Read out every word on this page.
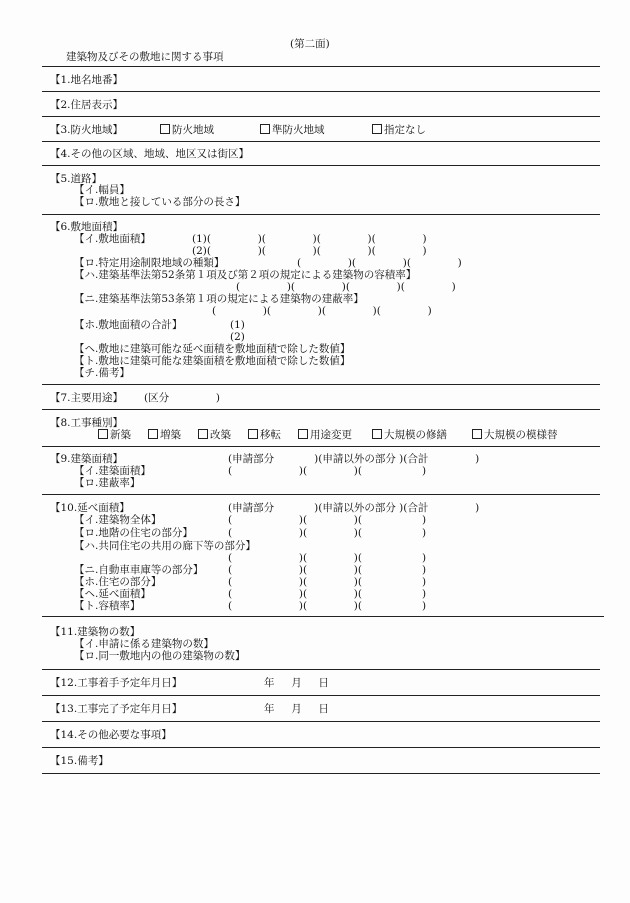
(第二面)
建築物及びその敷地に関する事項
【1.地名地番】
【2.住居表示】
【3.防火地域】	防火地域	準防火地域	指定なし
【4.その他の区域、地域、地区又は街区】
【5.道路】
【イ.幅員】
【ロ.敷地と接している部分の長さ】
【6.敷地面積】
【イ.敷地面積】	(1)(              )(              )(              )(              )
(2)(              )(              )(              )(              )
【ロ.特定用途制限地域の種類】	(              )(              )(              )
【ハ.建築基準法第52条第１項及び第２項の規定による建築物の容積率】
(              )(              )(              )(              )
【ニ.建築基準法第53条第１項の規定による建築物の建蔽率】
(              )(              )(              )(              )
【ホ.敷地面積の合計】	(1)
(2)
【ヘ.敷地に建築可能な延べ面積を敷地面積で除した数値】
【ト.敷地に建築可能な建築面積を敷地面積で除した数値】
【チ.備考】
【7.主要用途】 (区分              )
【8.工事種別】
新築	増築	改築	移転	用途変更	大規模の修繕	大規模の模様替
【9.建築面積】	(申請部分            )(申請以外の部分 )(合計              )
【イ.建築面積】	(                    )(              )(                  )
【ロ.建蔽率】
【10.延べ面積】	(申請部分            )(申請以外の部分 )(合計              )
【イ.建築物全体】	(                    )(              )(                  )
【ロ.地階の住宅の部分】	(                    )(              )(                  )
【ハ.共同住宅の共用の廊下等の部分】
(                    )(              )(                  )
【ニ.自動車車庫等の部分】 (                    )(              )(                  )
【ホ.住宅の部分】	(                    )(              )(                  )
【ヘ.延べ面積】	(                    )(              )(                  )
【ト.容積率】	(                    )(              )(                  )
【11.建築物の数】
【イ.申請に係る建築物の数】
【ロ.同一敷地内の他の建築物の数】
【12.工事着手予定年月日】	年     月     日
【13.工事完了予定年月日】	年     月     日
【14.その他必要な事項】
【15.備考】
